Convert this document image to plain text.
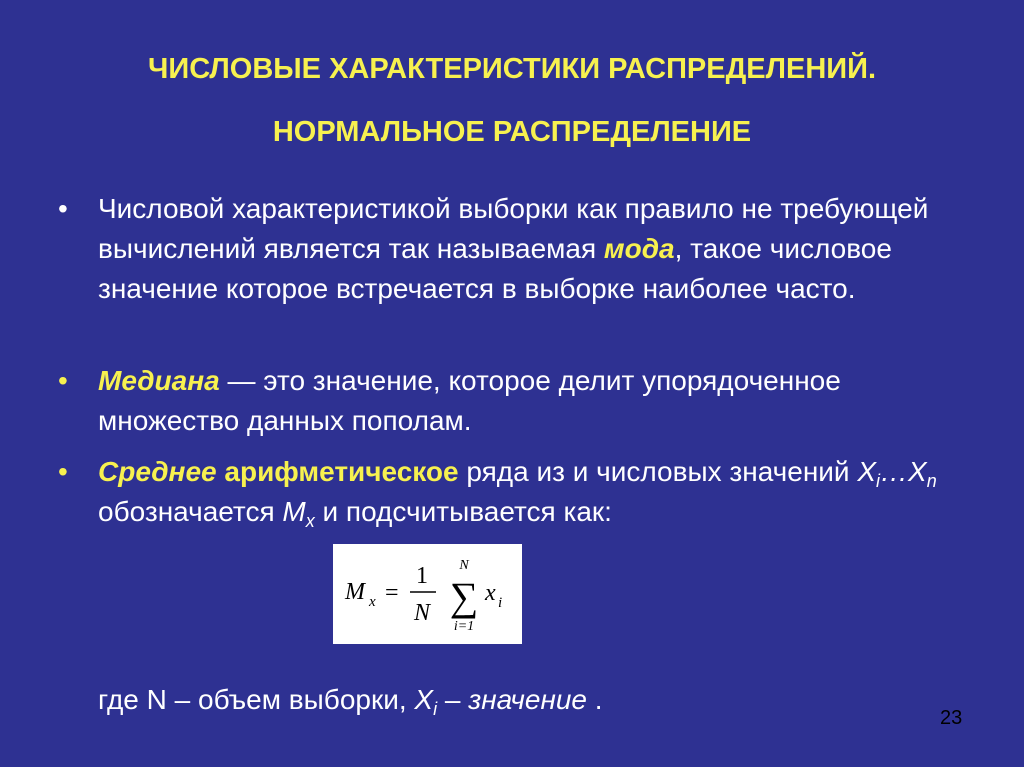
ЧИСЛОВЫЕ ХАРАКТЕРИСТИКИ РАСПРЕДЕЛЕНИЙ.
НОРМАЛЬНОЕ РАСПРЕДЕЛЕНИЕ
• Числовой характеристикой выборки как правило не требующей вычислений является так называемая мода, такое числовое значение которое встречается в выборке наиболее часто.
• Медиана — это значение, которое делит упорядоченное множество данных пополам.
• Среднее арифметическое ряда из и числовых значений $X_i\dots X_n$ обозначается $M_x$ и подсчитывается как:
M x =
1
N
N
∑
i=1
x i
где N – объем выборки, $X_i$ – значение .
23
